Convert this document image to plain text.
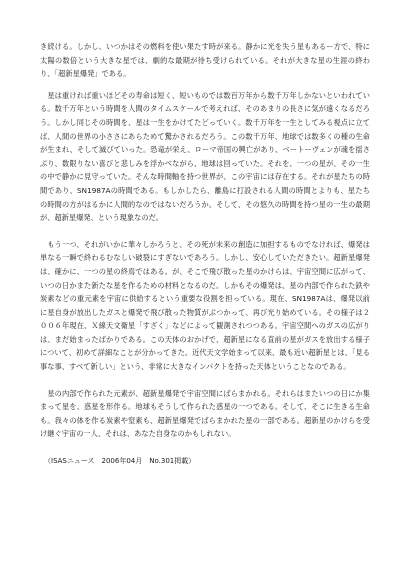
き続ける。しかし、いつかはその燃料を使い果たす時が来る。静かに光を失う星もあるー方で、特に太陽の数倍という大きな星では、劇的な最期が待ち受けられている。それが大きな星の生涯の終わり、「超新星爆発」である。

　星は重ければ重いほどその寿命は短く、短いものでは数百万年から数千万年しかないといわれている。数千万年という時間を人間のタイムスケールで考えれば、そのあまりの長さに気が遠くなるだろう。しかし同じその時間を、星は一生をかけてたどっていく。数千万年を一生としてみる視点に立てば、人間の世界の小ささにあらためて驚かされるだろう。この数千万年、地球では数多くの種の生命が生まれ、そして滅びていった。恐竜が栄え、ローマ帝国の興亡があり、ベートーヴェンが魂を揺さぶり、数限りない喜びと悲しみを浮かべながら、地球は回っていた。それを、一つの星が、その一生の中で静かに見守っていた。そんな時間軸を持つ世界が、この宇宙には存在する。それが星たちの時間であり、SN1987Aの時間である。もしかしたら、離島に打設される人間の時間とよりも、星たちの時間の方がはるかに人間的なのではないだろうか。そして、その悠久の時間を持つ星の一生の最期が、超新星爆発、という現象なのだ。

　もう一つ、それがいかに華々しかろうと、その死が未来の創造に加担するものでなければ、爆発は単なる一瞬で終わるむなしい破裂にすぎないであろう。しかし、安心していただきたい。超新星爆発は、確かに、一つの星の終焉ではある。が、そこで飛び散った星のかけらは、宇宙空間に広がって、いつの日かまた新たな星を作るための材料となるのだ。しかもその爆発は、星の内部で作られた鉄や炭素などの重元素を宇宙に供給するという重要な役割を担っている。現在、SN1987Aは、爆発以前に星自身が放出したガスと爆発で飛び散った物質がぶつかって、再び光り始めている。その様子は２００６年現在、Ｘ線天文衛星「すざく」などによって観測されつつある。宇宙空間へのガスの広がりは、まだ始まったばかりである。この天体のおかげで、超新星になる直前の星がガスを放出する様子について、初めて詳細なことが分かってきた。近代天文学始まって以来、最も近い超新星とは、「見る事な事、すべて新しい」という、非常に大きなインパクトを持った天体ということなのである。

　星の内部で作られた元素が、超新星爆発で宇宙空間にばらまかれる。それらはまたいつの日にか集まって星を、惑星を形作る。地球もそうして作られた惑星の一つである。そして、そこに生きる生命も。我々の体を作る炭素や窒素も、超新星爆発でばらまかれた星の一部である。超新星のかけらを受け継ぐ宇宙の一人、それは、あなた自身なのかもしれない。

（ISASニュース　2006年04月　No.301掲載）
